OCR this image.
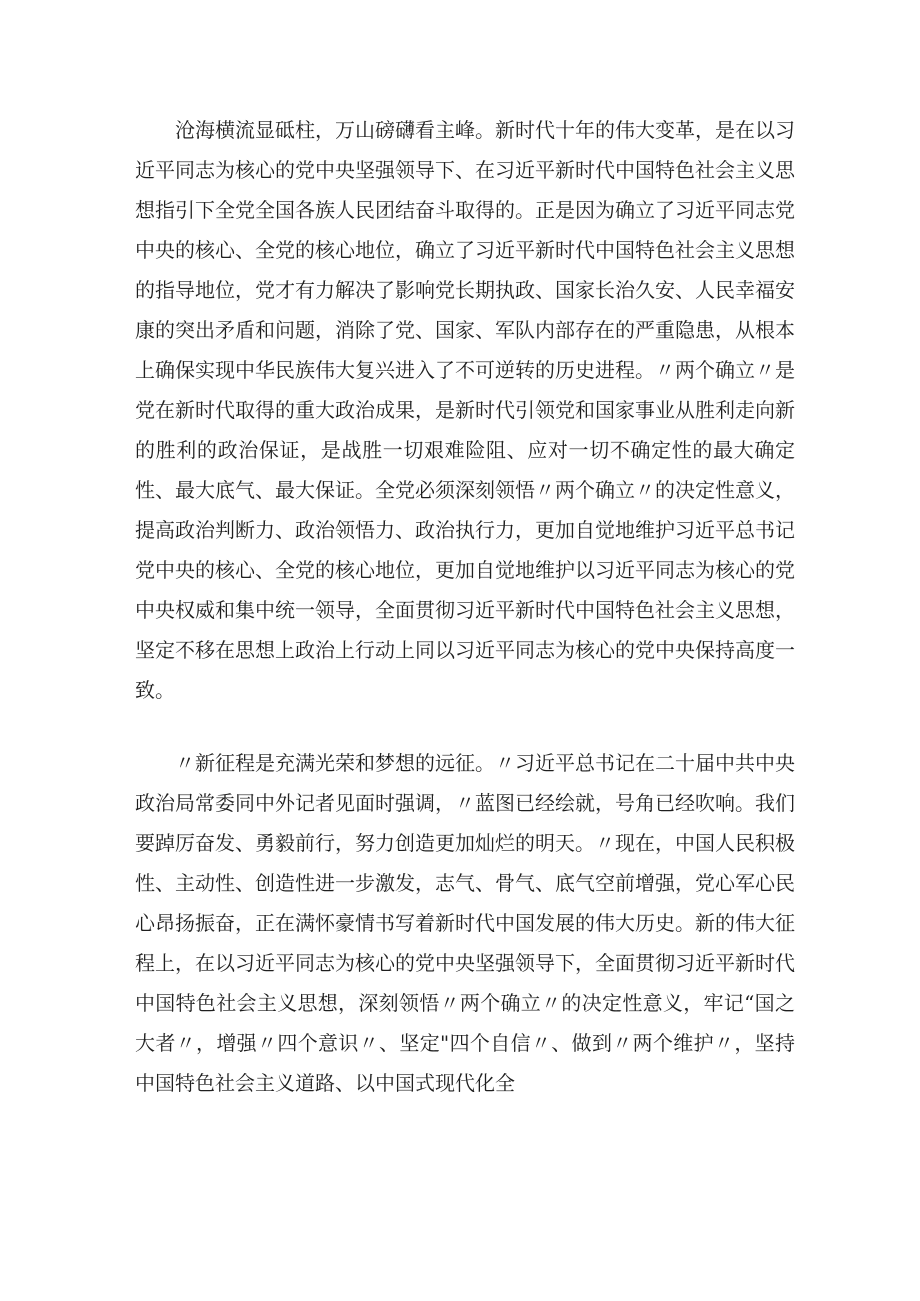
沧海横流显砥柱，万山磅礴看主峰。新时代十年的伟大变革，是在以习近平同志为核心的党中央坚强领导下、在习近平新时代中国特色社会主义思想指引下全党全国各族人民团结奋斗取得的。正是因为确立了习近平同志党中央的核心、全党的核心地位，确立了习近平新时代中国特色社会主义思想的指导地位，党才有力解决了影响党长期执政、国家长治久安、人民幸福安康的突出矛盾和问题，消除了党、国家、军队内部存在的严重隐患，从根本上确保实现中华民族伟大复兴进入了不可逆转的历史进程。〃两个确立〃是党在新时代取得的重大政治成果，是新时代引领党和国家事业从胜利走向新的胜利的政治保证，是战胜一切艰难险阻、应对一切不确定性的最大确定性、最大底气、最大保证。全党必须深刻领悟〃两个确立〃的决定性意义，提高政治判断力、政治领悟力、政治执行力，更加自觉地维护习近平总书记党中央的核心、全党的核心地位，更加自觉地维护以习近平同志为核心的党中央权威和集中统一领导，全面贯彻习近平新时代中国特色社会主义思想，坚定不移在思想上政治上行动上同以习近平同志为核心的党中央保持高度一致。

〃新征程是充满光荣和梦想的远征。〃习近平总书记在二十届中共中央政治局常委同中外记者见面时强调，〃蓝图已经绘就，号角已经吹响。我们要踔厉奋发、勇毅前行，努力创造更加灿烂的明天。〃现在，中国人民积极性、主动性、创造性进一步激发，志气、骨气、底气空前增强，党心军心民心昂扬振奋，正在满怀豪情书写着新时代中国发展的伟大历史。新的伟大征程上，在以习近平同志为核心的党中央坚强领导下，全面贯彻习近平新时代中国特色社会主义思想，深刻领悟〃两个确立〃的决定性意义，牢记“国之大者〃，增强〃四个意识〃、坚定"四个自信〃、做到〃两个维护〃，坚持中国特色社会主义道路、以中国式现代化全
